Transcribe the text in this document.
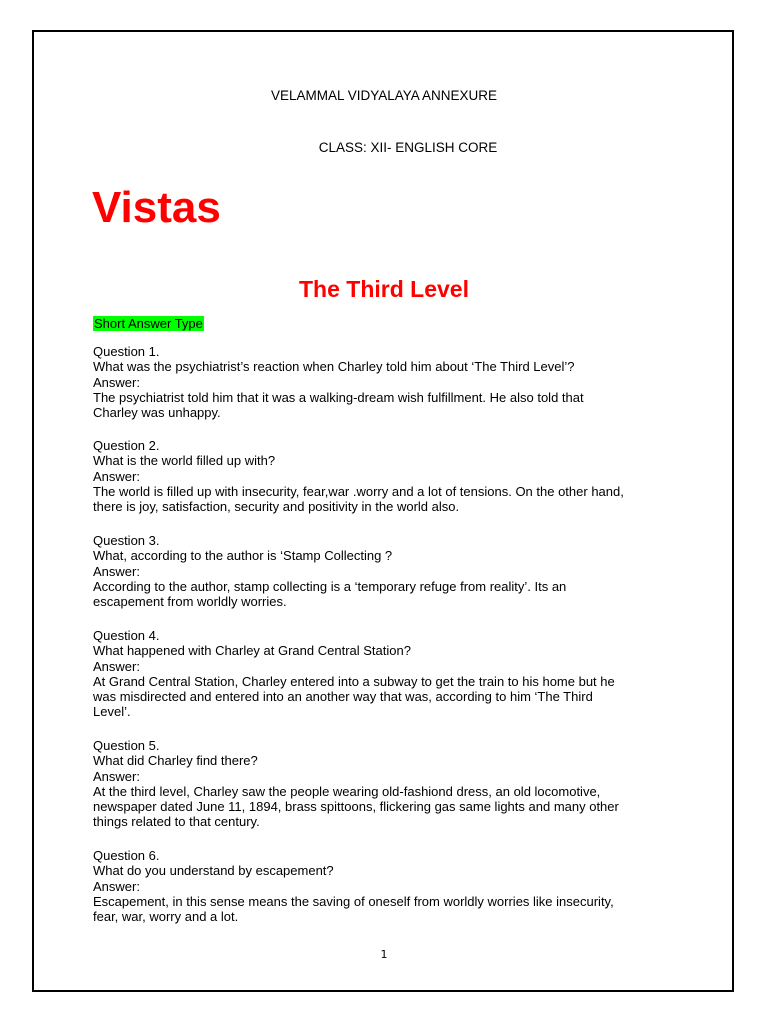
VELAMMAL VIDYALAYA ANNEXURE
CLASS: XII- ENGLISH CORE
Vistas
The Third Level
Short Answer Type
Question 1.
What was the psychiatrist’s reaction when Charley told him about ‘The Third Level’?
Answer:
The psychiatrist told him that it was a walking-dream wish fulfillment. He also told that
Charley was unhappy.
Question 2.
What is the world filled up with?
Answer:
The world is filled up with insecurity, fear,war .worry and a lot of tensions. On the other hand,
there is joy, satisfaction, security and positivity in the world also.
Question 3.
What, according to the author is ‘Stamp Collecting ?
Answer:
According to the author, stamp collecting is a ‘temporary refuge from reality’. Its an
escapement from worldly worries.
Question 4.
What happened with Charley at Grand Central Station?
Answer:
At Grand Central Station, Charley entered into a subway to get the train to his home but he
was misdirected and entered into an another way that was, according to him ‘The Third
Level’.
Question 5.
What did Charley find there?
Answer:
At the third level, Charley saw the people wearing old-fashiond dress, an old locomotive,
newspaper dated June 11, 1894, brass spittoons, flickering gas same lights and many other
things related to that century.
Question 6.
What do you understand by escapement?
Answer:
Escapement, in this sense means the saving of oneself from worldly worries like insecurity,
fear, war, worry and a lot.
1
